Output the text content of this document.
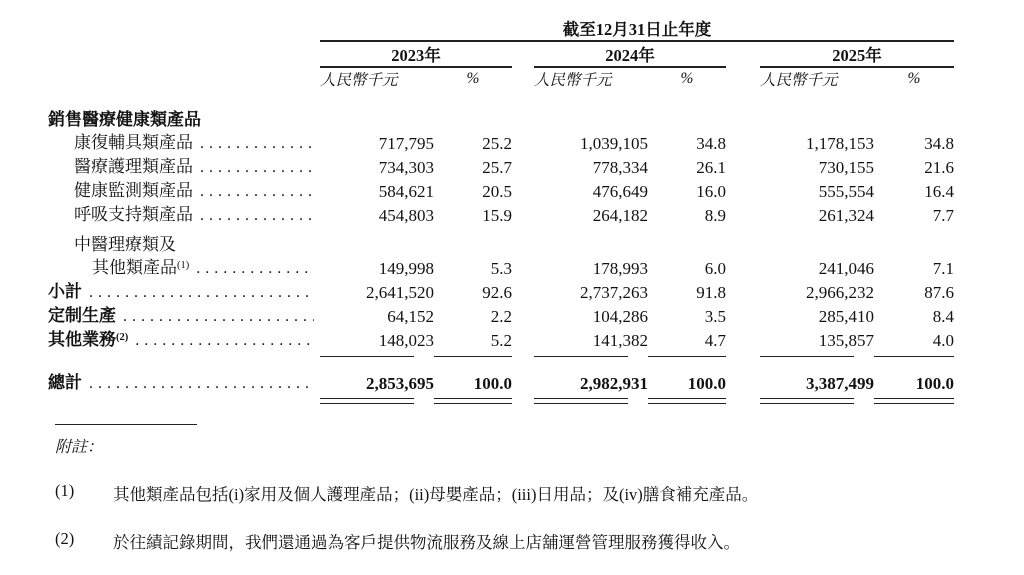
	截至12月31日止年度							
	2023年			2024年			2025年	
	人民幣千元	%		人民幣千元	%		人民幣千元	%

銷售醫療健康類產品								

康復輔具類產品
. . .	717,795	25.2		1,039,105	34.8		1,178,153	34.8

醫療護理類產品
. . .	734,303	25.7		778,334	26.1		730,155	21.6

健康監測類產品
. . .	584,621	20.5		476,649	16.0		555,554	16.4

呼吸支持類產品
. . .	454,803	15.9		264,182	8.9		261,324	7.7

中醫理療類及								

其他類產品$^{(1)}$
. . .	149,998	5.3		178,993	6.0		241,046	7.1

小計
. . .	2,641,520	92.6		2,737,263	91.8		2,966,232	87.6

定制生產
. . .	64,152	2.2		104,286	3.5		285,410	8.4

其他業務$^{(2)}$
. . .	148,023	5.2		141,382	4.7		135,857	4.0

總計
. . .	2,853,695	100.0		2,982,931	100.0		3,387,499	100.0

附註：
(1)	其他類產品包括(i)家用及個人護理產品；(ii)母嬰產品；(iii)日用品；及(iv)膳食補充產品。
(2)	於往績記錄期間，我們還通過為客戶提供物流服務及線上店舖運營管理服務獲得收入。
